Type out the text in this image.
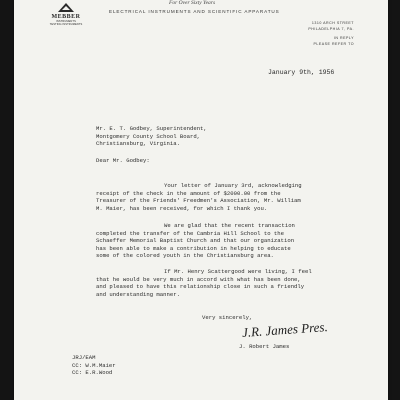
MEBBER
INSTRUMENTS
TESTING INSTRUMENTS
For Over Sixty Years
ELECTRICAL INSTRUMENTS AND SCIENTIFIC APPARATUS
1310 ARCH STREET
PHILADELPHIA 7, PA.
IN REPLY
PLEASE REFER TO
January 9th, 1956
Mr. E. T. Godbey, Superintendent,
Montgomery County School Board,
Christiansburg, Virginia.
Dear Mr. Godbey:
Your letter of January 3rd, acknowledging
receipt of the check in the amount of $2000.00 from the
Treasurer of the Friends' Freedmen's Association, Mr. William
M. Maier, has been received, for which I thank you.
We are glad that the recent transaction
completed the transfer of the Cambria Hill School to the
Schaeffer Memorial Baptist Church and that our organization
has been able to make a contribution in helping to educate
some of the colored youth in the Christiansburg area.
If Mr. Henry Scattergood were living, I feel
that he would be very much in accord with what has been done,
and pleased to have this relationship close in such a friendly
and understanding manner.
Very sincerely,
J.R. James Pres.
J. Robert James
JRJ/EAM
CC: W.M.Maier
CC: E.R.Wood
